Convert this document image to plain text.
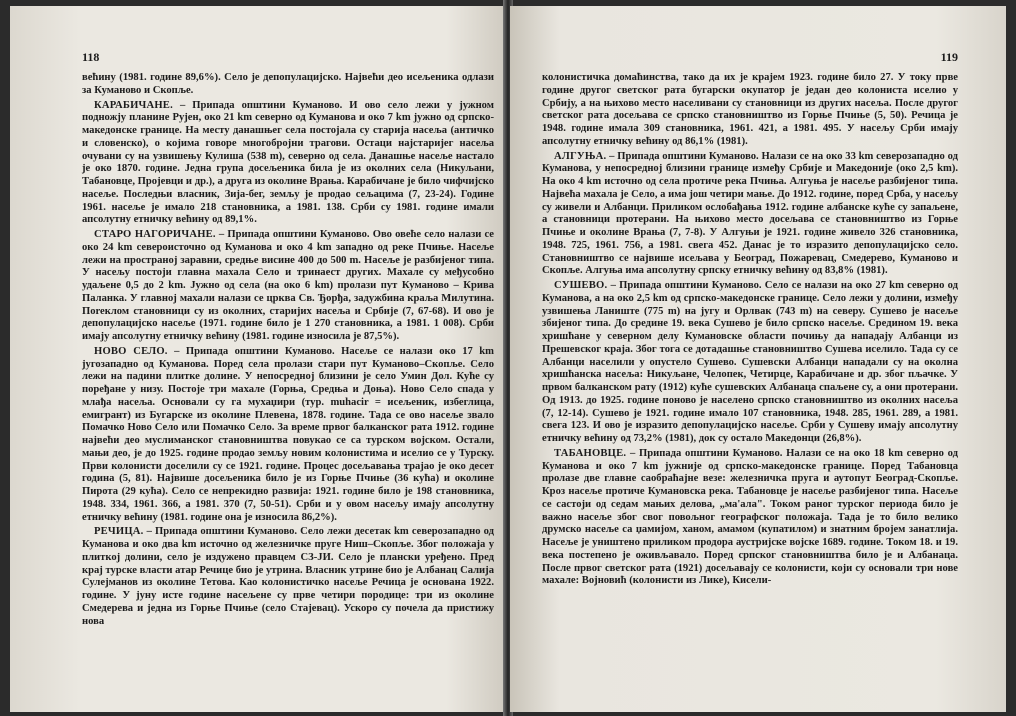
118

већину (1981. године 89,6%). Село је депопулацијско. Највећи део исељеника одлази за Куманово и Скопље.

КАРАБИЧАНЕ. – Припада општини Куманово. И ово село лежи у јужном подножју планине Рујен, око 21 km северно од Куманова и око 7 km јужно од српско-македонске границе. На месту данашњег села постојала су старија насеља (античко и словенско), о којима говоре многобројни трагови. Остаци најстаријег насеља очувани су на узвишењу Кулиша (538 m), северно од села. Данашње насеље настало је око 1870. године. Једна група досељеника била је из околних села (Никуљани, Табановце, Пројевци и др.), а друга из околине Врања. Карабичане је било чифчијско насеље. Последњи власник, Зија-бег, земљу је продао сељацима (7, 23-24). Године 1961. насеље је имало 218 становника, а 1981. 138. Срби су 1981. године имали апсолутну етничку већину од 89,1%.

СТАРО НАГОРИЧАНЕ. – Припада општини Куманово. Ово овеће село налази се око 24 km североисточно од Куманова и око 4 km западно од реке Пчиње. Насеље лежи на пространој заравни, средње висине 400 до 500 m. Насеље је разбијеног типа. У насељу постоји главна махала Село и тринаест других. Махале су међусобно удаљене 0,5 до 2 km. Јужно од села (на око 6 km) пролази пут Куманово – Крива Паланка. У главној махали налази се црква Св. Ђорђа, задужбина краља Милутина. Поreклом становници су из околних, старијих насеља и Србије (7, 67-68). И ово је депопулацијско насеље (1971. године било је 1 270 становника, а 1981. 1 008). Срби имају апсолутну етничку већину (1981. године износила је 87,5%).

НОВО СЕЛО. – Припада општини Куманово. Насеље се налази око 17 km југозападно од Куманова. Поред села пролази стари пут Куманово–Скопље. Село лежи на падини плитке долине. У непосредној близини је село Умин Дол. Куће су поређане у низу. Постоје три махале (Горња, Средња и Доња). Ново Село спада у млађа насеља. Основали су га мухаџири (тур. muhacir = исељеник, избеглица, емигрант) из Бугарске из околине Плевена, 1878. године. Тада се ово насеље звало Помачко Ново Село или Помачко Село. За време првог балканског рата 1912. године највећи део муслиманског становништва повукао се са турском војском. Остали, мањи део, је до 1925. године продао земљу новим колонистима и иселио се у Турску. Први колонисти доселили су се 1921. године. Процес досељавања трајао је око десет година (5, 81). Највише досељеника било је из Горње Пчиње (36 кућа) и околине Пирота (29 кућа). Село се непрекидно развија: 1921. године било је 198 становника, 1948. 334, 1961. 366, а 1981. 370 (7, 50-51). Срби и у овом насељу имају апсолутну етничку већину (1981. године она је износила 86,2%).

РЕЧИЦА. – Припада општини Куманово. Село лежи десетак km северозападно од Куманова и око два km источно од железничке пруге Ниш–Скопље. Због положаја у плиткој долини, село је издужено правцем СЗ-ЈИ. Село је плански уређено. Пред крај турске власти атар Речице био је утрина. Власник утрине био је Албанац Салија Сулејманов из околине Тетова. Као колонистичко насеље Речица је основана 1922. године. У јуну исте године насељене су прве четири породице: три из околине Смедерева и једна из Горње Пчиње (село Стајевац). Ускоро су почела да пристижу нова

119

колонистичка домаћинства, тако да их је крајем 1923. године било 27. У току прве године другог светског рата бугарски окупатор је један део колониста иселио у Србију, а на њихово место населивани су становници из других насеља. После другог светског рата досељава се српско становништво из Горње Пчиње (5, 50). Речица је 1948. године имала 309 становника, 1961. 421, а 1981. 495. У насељу Срби имају апсолутну етничку већину од 86,1% (1981).

АЛГУЊА. – Припада општини Куманово. Налази се на око 33 km северозападно од Куманова, у непосредној близини границе између Србије и Македоније (око 2,5 km). На око 4 km источно од села протиче река Пчиња. Алгуња је насеље разбијеног типа. Највећа махала је Село, а има још четири мање. До 1912. године, поред Срба, у насељу су живели и Албанци. Приликом ослобађања 1912. године албанске куће су запаљене, а становници протерани. На њихово место досељава се становништво из Горње Пчиње и околине Врања (7, 7-8). У Алгуњи је 1921. године живело 326 становника, 1948. 725, 1961. 756, а 1981. свега 452. Данас је то изразито депопулацијско село. Становништво се највише исељава у Београд, Пожаревац, Смедерево, Куманово и Скопље. Алгуња има апсолутну српску етничку већину од 83,8% (1981).

СУШЕВО. – Припада општини Куманово. Село се налази на око 27 km северно од Куманова, а на око 2,5 km од српско-македонске границе. Село лежи у долини, између узвишења Ланиште (775 m) на југу и Орлвак (743 m) на северу. Сушево је насеље збијеног типа. До средине 19. века Сушево је било српско насеље. Средином 19. века хришћане у северном делу Кумановске области почињу да нападају Албанци из Прешевског краја. Због тога се дотадашње становништво Сушева иселило. Тада су се Албанци населили у опустело Сушево. Сушевски Албанци нападали су на околна хришћанска насеља: Никуљане, Челопек, Четирце, Карабичане и др. због пљачке. У првом балканском рату (1912) куће сушевских Албанаца спаљене су, а они протерани. Од 1913. до 1925. године поново је населено српско становништво из околних насеља (7, 12-14). Сушево је 1921. године имало 107 становника, 1948. 285, 1961. 289, а 1981. свега 123. И ово је изразито депопулацијско насеље. Срби у Сушеву имају апсолутну етничку већину од 73,2% (1981), док су остало Македонци (26,8%).

ТАБАНОВЦЕ. – Припада општини Куманово. Налази се на око 18 km северно од Куманова и око 7 km јужније од српско-македонске границе. Поред Табановца пролазе две главне саобраћајне везе: железничка пруга и аутопут Београд-Скопље. Кроз насеље протиче Кумановска река. Табановце је насеље разбијеног типа. Насеље се састоји од седам мањих делова, „ма'ала". Током раног турског периода било је важно насеље због свог повољног географског положаја. Тада је то било велико друмско насеље са џамијом, ханом, амамом (купатилом) и знатним бројем занатлија. Насеље је уништено приликом продора аустријске војске 1689. године. Током 18. и 19. века постепено је оживљавало. Поред српског становништва било је и Албанаца. После првог светског рата (1921) досељавају се колонисти, који су основали три нове махале: Војновић (колонисти из Лике), Кисели-
